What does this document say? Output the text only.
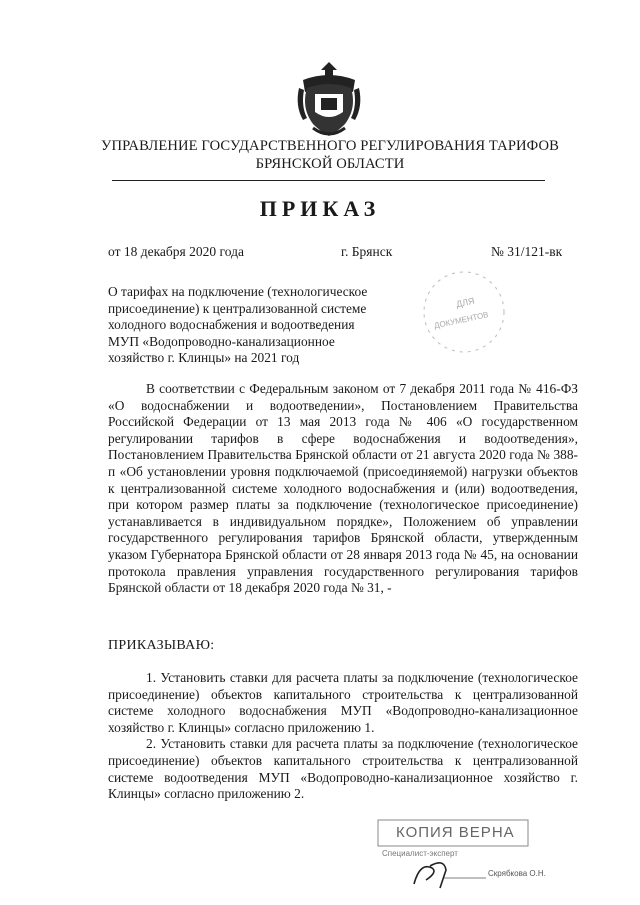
УПРАВЛЕНИЕ ГОСУДАРСТВЕННОГО РЕГУЛИРОВАНИЯ ТАРИФОВ
БРЯНСКОЙ ОБЛАСТИ
ПРИКАЗ
от 18 декабря 2020 года	г. Брянск	№ 31/121-вк
О тарифах на подключение (технологическое
присоединение) к централизованной системе
холодного водоснабжения и водоотведения
МУП «Водопроводно-канализационное
хозяйство г. Клинцы» на 2021 год
ДЛЯ
ДОКУМЕНТОВ

В соответствии с Федеральным законом от 7 декабря 2011 года № 416-ФЗ «О водоснабжении и водоотведении», Постановлением Правительства Российской Федерации от 13 мая 2013 года № 406 «О государственном регулировании тарифов в сфере водоснабжения и водоотведения», Постановлением Правительства Брянской области от 21 августа 2020 года № 388-п «Об установлении уровня подключаемой (присоединяемой) нагрузки объектов к централизованной системе холодного водоснабжения и (или) водоотведения, при котором размер платы за подключение (технологическое присоединение) устанавливается в индивидуальном порядке», Положением об управлении государственного регулирования тарифов Брянской области, утвержденным указом Губернатора Брянской области от 28 января 2013 года № 45, на основании протокола правления управления государственного регулирования тарифов Брянской области от 18 декабря 2020 года № 31, -

ПРИКАЗЫВАЮ:

1. Установить ставки для расчета платы за подключение (технологическое присоединение) объектов капитального строительства к централизованной системе холодного водоснабжения МУП «Водопроводно-канализационное хозяйство г. Клинцы» согласно приложению 1.

2. Установить ставки для расчета платы за подключение (технологическое присоединение) объектов капитального строительства к централизованной системе водоотведения МУП «Водопроводно-канализационное хозяйство г. Клинцы» согласно приложению 2.

КОПИЯ ВЕРНА
Специалист-эксперт
Скрябкова О.Н.
